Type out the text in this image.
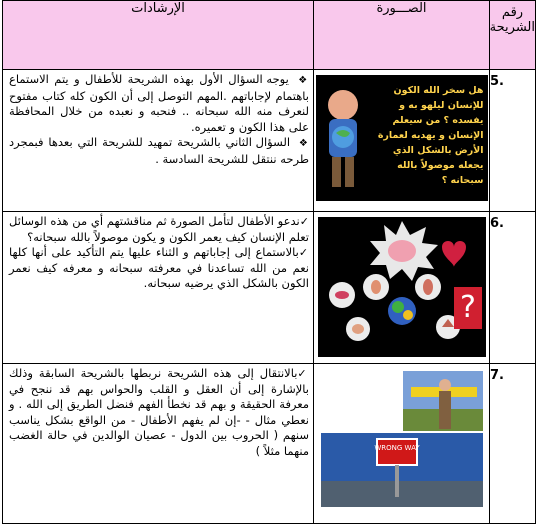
رقم الشريحة	الصـــورة	الإرشادات
5.	هل سخر الله الكون للإنسان ليلهو به و يفسده ؟ من سيعلم الإنسان و يهديه لعمارة الأرض بالشكل الذي يجعله موصولاً بالله سبحانه ؟	❖ يوجه السؤال الأول بهذه الشريحة للأطفال و يتم الاستماع باهتمام لإجاباتهم .المهم التوصل إلى أن الكون كله كتاب مفتوح لنعرف منه الله سبحانه .. فنحبه و نعبده من خلال المحافظة على هذا الكون و تعميره.

❖ السؤال الثاني بالشريحة تمهيد للشريحة التي بعدها فبمجرد طرحه ننتقل للشريحة السادسة .

6.	?	✓ندعو الأطفال لتأمل الصورة ثم مناقشتهم أي من هذه الوسائل تعلم الإنسان كيف يعمر الكون و يكون موصولاً بالله سبحانه؟

✓بالاستماع إلى إجاباتهم و الثناء عليها يتم التأكيد على أنها كلها نعم من الله تساعدنا في معرفته سبحانه و معرفه كيف نعمر الكون بالشكل الذي يرضيه سبحانه.

7.	WRONG WAY	✓بالانتقال إلى هذه الشريحة نربطها بالشريحة السابقة وذلك بالإشارة إلى أن العقل و القلب والحواس بهم قد ننجح في معرفة الحقيقة و بهم قد نخطأ الفهم فنضل الطريق إلى الله . و نعطي مثال - -إن لم يفهم الأطفال - من الواقع بشكل يناسب سنهم ( الحروب بين الدول - عصيان الوالدين في حالة الغضب منهما مثلاً )
